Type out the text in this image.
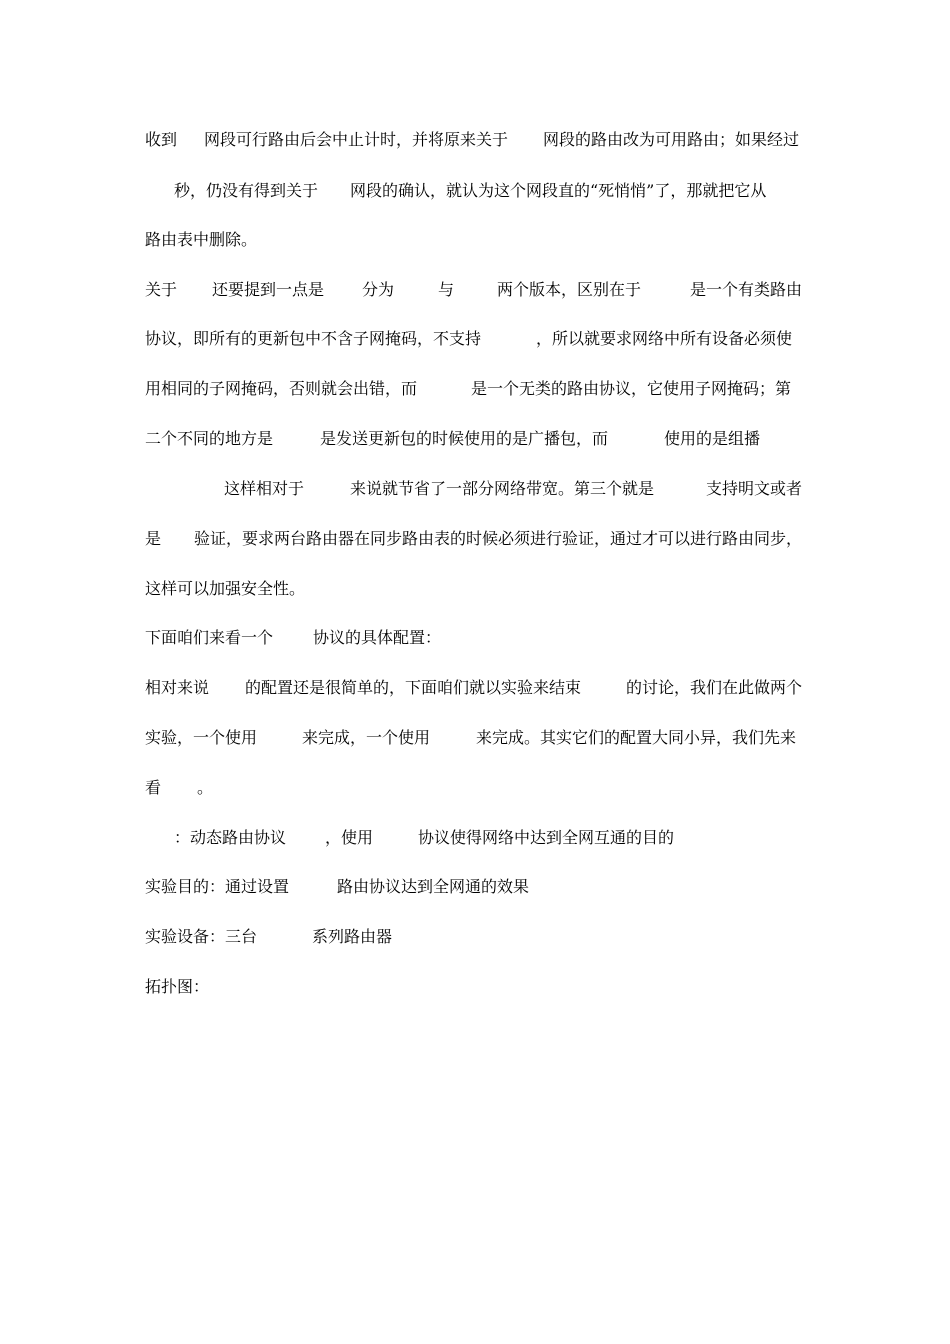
收到 网段可行路由后会中止计时，并将原来关于 网段的路由改为可用路由；如果经过
秒，仍没有得到关于 网段的确认，就认为这个网段直的“死悄悄”了，那就把它从
路由表中删除。
关于 还要提到一点是 分为	与	两个版本，区别在于	是一个有类路由
协议，即所有的更新包中不含子网掩码，不支持	，所以就要求网络中所有设备必须使
用相同的子网掩码，否则就会出错，而	是一个无类的路由协议，它使用子网掩码；第
二个不同的地方是	是发送更新包的时候使用的是广播包，而	使用的是组播
这样相对于	来说就节省了一部分网络带宽。第三个就是	支持明文或者
是 验证，要求两台路由器在同步路由表的时候必须进行验证，通过才可以进行路由同步，
这样可以加强安全性。
下面咱们来看一个 协议的具体配置：
相对来说 的配置还是很简单的，下面咱们就以实验来结束	的讨论，我们在此做两个
实验，一个使用	来完成，一个使用	来完成。其实它们的配置大同小异，我们先来
看 。
：动态路由协议 ，使用	协议使得网络中达到全网互通的目的
实验目的：通过设置	路由协议达到全网通的效果
实验设备：三台	系列路由器
拓扑图：
